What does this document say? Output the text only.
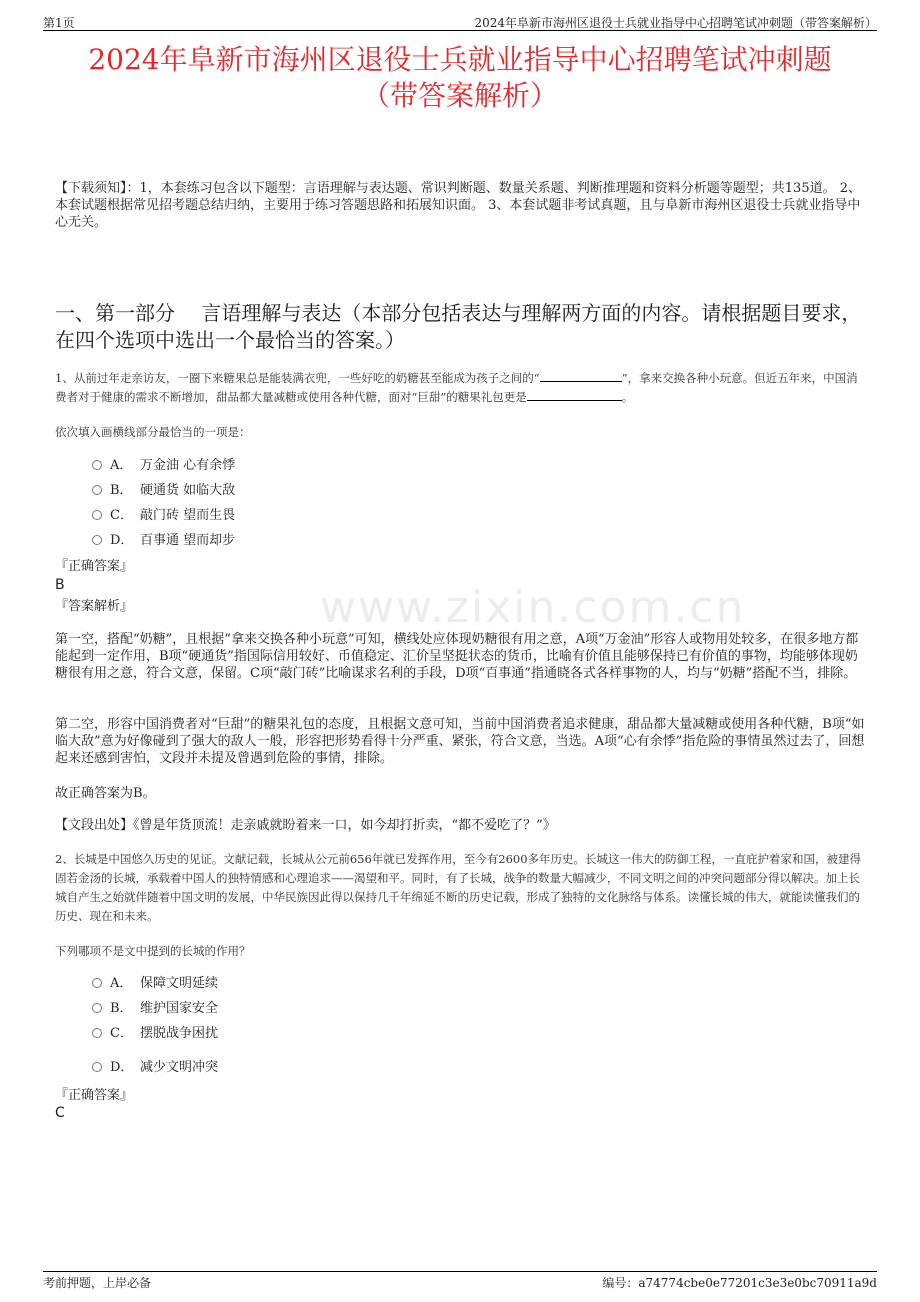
第1页	2024年阜新市海州区退役士兵就业指导中心招聘笔试冲刺题（带答案解析）
2024年阜新市海州区退役士兵就业指导中心招聘笔试冲刺题
（带答案解析）
【下载须知】：1，本套练习包含以下题型：言语理解与表达题、常识判断题、数量关系题、判断推理题和资料分析题等题型；共135道。 2、本套试题根据常见招考题总结归纳，主要用于练习答题思路和拓展知识面。 3、本套试题非考试真题，且与阜新市海州区退役士兵就业指导中心无关。
一、第一部分　 言语理解与表达（本部分包括表达与理解两方面的内容。请根据题目要求，在四个选项中选出一个最恰当的答案。）
www.zixin.com.cn
1、从前过年走亲访友，一圈下来糖果总是能装满衣兜，一些好吃的奶糖甚至能成为孩子之间的“	”，拿来交换各种小玩意。但近五年来，中国消费者对于健康的需求不断增加，甜品都大量减糖或使用各种代糖，面对“巨甜”的糖果礼包更是	。
依次填入画横线部分最恰当的一项是：
A． 万金油 心有余悸
B． 硬通货 如临大敌
C． 敲门砖 望而生畏
D． 百事通 望而却步
『正确答案』
B
『答案解析』
第一空，搭配“奶糖”，且根据“拿来交换各种小玩意”可知，横线处应体现奶糖很有用之意，A项“万金油”形容人或物用处较多，在很多地方都能起到一定作用，B项“硬通货”指国际信用较好、币值稳定、汇价呈坚挺状态的货币，比喻有价值且能够保持已有价值的事物，均能够体现奶糖很有用之意，符合文意，保留。C项“敲门砖”比喻谋求名利的手段，D项“百事通”指通晓各式各样事物的人，均与“奶糖”搭配不当，排除。
第二空，形容中国消费者对“巨甜”的糖果礼包的态度，且根据文意可知，当前中国消费者追求健康，甜品都大量减糖或使用各种代糖，B项“如临大敌”意为好像碰到了强大的敌人一般，形容把形势看得十分严重、紧张，符合文意，当选。A项“心有余悸”指危险的事情虽然过去了，回想起来还感到害怕，文段并未提及曾遇到危险的事情，排除。
故正确答案为B。
【文段出处】《曾是年货顶流！走亲戚就盼着来一口，如今却打折卖，“都不爱吃了？”》
2、长城是中国悠久历史的见证。文献记载，长城从公元前656年就已发挥作用，至今有2600多年历史。长城这一伟大的防御工程，一直庇护着家和国，被建得固若金汤的长城，承载着中国人的独特情感和心理追求——渴望和平。同时，有了长城，战争的数量大幅减少，不同文明之间的冲突问题部分得以解决。加上长城自产生之始就伴随着中国文明的发展，中华民族因此得以保持几千年绵延不断的历史记载，形成了独特的文化脉络与体系。读懂长城的伟大，就能读懂我们的历史、现在和未来。
下列哪项不是文中提到的长城的作用？
A． 保障文明延续
B． 维护国家安全
C． 摆脱战争困扰
D． 减少文明冲突
『正确答案』
C
考前押题，上岸必备	编号：a74774cbe0e77201c3e3e0bc70911a9d
